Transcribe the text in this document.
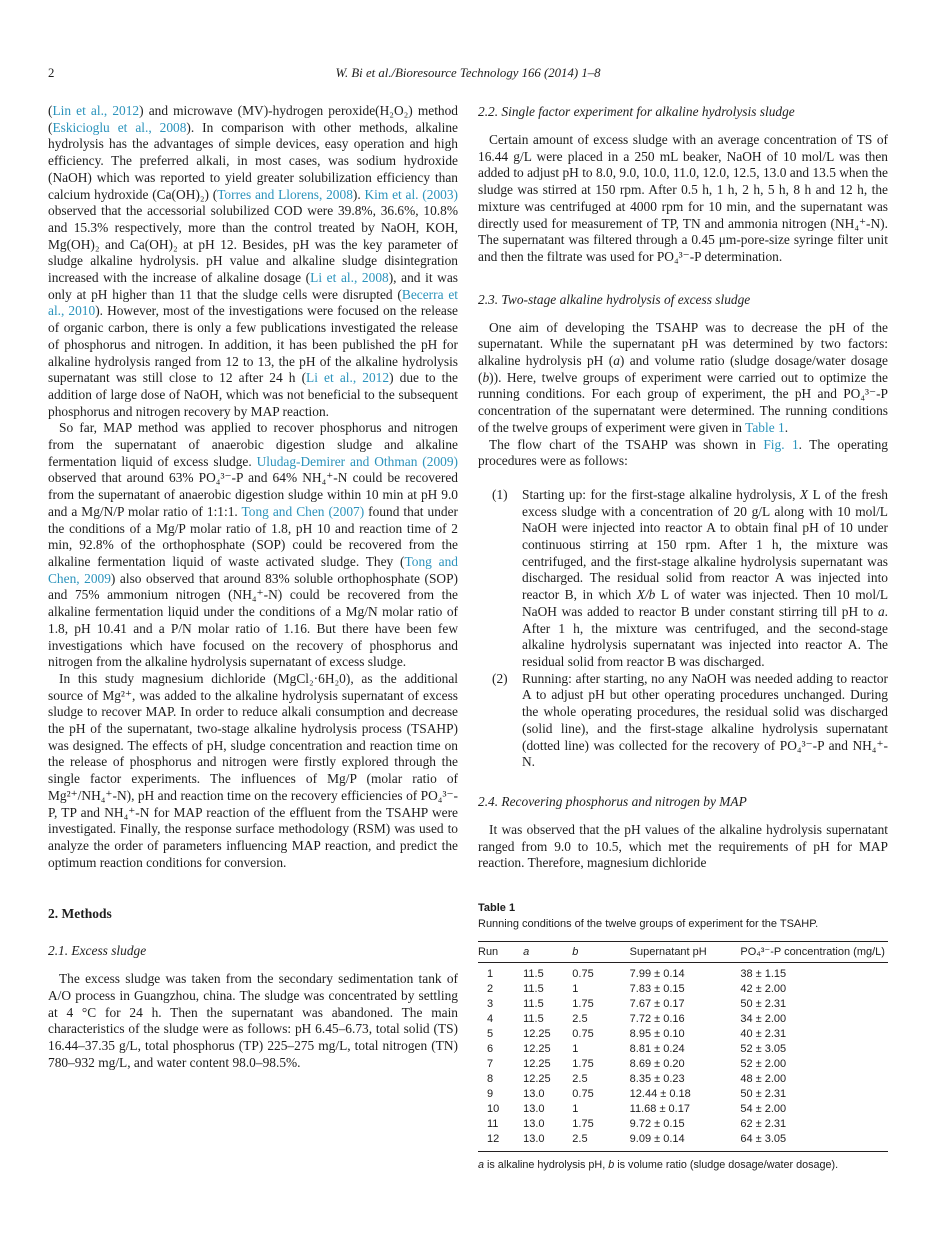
2	W. Bi et al./Bioresource Technology 166 (2014) 1–8

(Lin et al., 2012) and microwave (MV)-hydrogen peroxide(H₂O₂) method (Eskicioglu et al., 2008). In comparison with other methods, alkaline hydrolysis has the advantages of simple devices, easy operation and high efficiency. The preferred alkali, in most cases, was sodium hydroxide (NaOH) which was reported to yield greater solubilization efficiency than calcium hydroxide (Ca(OH)₂) (Torres and Llorens, 2008). Kim et al. (2003) observed that the accessorial solubilized COD were 39.8%, 36.6%, 10.8% and 15.3% respectively, more than the control treated by NaOH, KOH, Mg(OH)₂ and Ca(OH)₂ at pH 12. Besides, pH was the key parameter of sludge alkaline hydrolysis. pH value and alkaline sludge disintegration increased with the increase of alkaline dosage (Li et al., 2008), and it was only at pH higher than 11 that the sludge cells were disrupted (Becerra et al., 2010). However, most of the investigations were focused on the release of organic carbon, there is only a few publications investigated the release of phosphorus and nitrogen. In addition, it has been published the pH for alkaline hydrolysis ranged from 12 to 13, the pH of the alkaline hydrolysis supernatant was still close to 12 after 24 h (Li et al., 2012) due to the addition of large dose of NaOH, which was not beneficial to the subsequent phosphorus and nitrogen recovery by MAP reaction.

So far, MAP method was applied to recover phosphorus and nitrogen from the supernatant of anaerobic digestion sludge and alkaline fermentation liquid of excess sludge. Uludag-Demirer and Othman (2009) observed that around 63% PO₄³⁻-P and 64% NH₄⁺-N could be recovered from the supernatant of anaerobic digestion sludge within 10 min at pH 9.0 and a Mg/N/P molar ratio of 1:1:1. Tong and Chen (2007) found that under the conditions of a Mg/P molar ratio of 1.8, pH 10 and reaction time of 2 min, 92.8% of the orthophosphate (SOP) could be recovered from the alkaline fermentation liquid of waste activated sludge. They (Tong and Chen, 2009) also observed that around 83% soluble orthophosphate (SOP) and 75% ammonium nitrogen (NH₄⁺-N) could be recovered from the alkaline fermentation liquid under the conditions of a Mg/N molar ratio of 1.8, pH 10.41 and a P/N molar ratio of 1.16. But there have been few investigations which have focused on the recovery of phosphorus and nitrogen from the alkaline hydrolysis supernatant of excess sludge.

In this study magnesium dichloride (MgCl₂·6H₂0), as the additional source of Mg²⁺, was added to the alkaline hydrolysis supernatant of excess sludge to recover MAP. In order to reduce alkali consumption and decrease the pH of the supernatant, two-stage alkaline hydrolysis process (TSAHP) was designed. The effects of pH, sludge concentration and reaction time on the release of phosphorus and nitrogen were firstly explored through the single factor experiments. The influences of Mg/P (molar ratio of Mg²⁺/NH₄⁺-N), pH and reaction time on the recovery efficiencies of PO₄³⁻-P, TP and NH₄⁺-N for MAP reaction of the effluent from the TSAHP were investigated. Finally, the response surface methodology (RSM) was used to analyze the order of parameters influencing MAP reaction, and predict the optimum reaction conditions for conversion.

2. Methods
2.1. Excess sludge

The excess sludge was taken from the secondary sedimentation tank of A/O process in Guangzhou, china. The sludge was concentrated by settling at 4 °C for 24 h. Then the supernatant was abandoned. The main characteristics of the sludge were as follows: pH 6.45–6.73, total solid (TS) 16.44–37.35 g/L, total phosphorus (TP) 225–275 mg/L, total nitrogen (TN) 780–932 mg/L, and water content 98.0–98.5%.

2.2. Single factor experiment for alkaline hydrolysis sludge

Certain amount of excess sludge with an average concentration of TS of 16.44 g/L were placed in a 250 mL beaker, NaOH of 10 mol/L was then added to adjust pH to 8.0, 9.0, 10.0, 11.0, 12.0, 12.5, 13.0 and 13.5 when the sludge was stirred at 150 rpm. After 0.5 h, 1 h, 2 h, 5 h, 8 h and 12 h, the mixture was centrifuged at 4000 rpm for 10 min, and the supernatant was directly used for measurement of TP, TN and ammonia nitrogen (NH₄⁺-N). The supernatant was filtered through a 0.45 μm-pore-size syringe filter unit and then the filtrate was used for PO₄³⁻-P determination.

2.3. Two-stage alkaline hydrolysis of excess sludge

One aim of developing the TSAHP was to decrease the pH of the supernatant. While the supernatant pH was determined by two factors: alkaline hydrolysis pH (a) and volume ratio (sludge dosage/water dosage (b)). Here, twelve groups of experiment were carried out to optimize the running conditions. For each group of experiment, the pH and PO₄³⁻-P concentration of the supernatant were determined. The running conditions of the twelve groups of experiment were given in Table 1.

The flow chart of the TSAHP was shown in Fig. 1. The operating procedures were as follows:

(1)	Starting up: for the first-stage alkaline hydrolysis, X L of the fresh excess sludge with a concentration of 20 g/L along with 10 mol/L NaOH were injected into reactor A to obtain final pH of 10 under continuous stirring at 150 rpm. After 1 h, the mixture was centrifuged, and the first-stage alkaline hydrolysis supernatant was discharged. The residual solid from reactor A was injected into reactor B, in which X/b L of water was injected. Then 10 mol/L NaOH was added to reactor B under constant stirring till pH to a. After 1 h, the mixture was centrifuged, and the second-stage alkaline hydrolysis supernatant was injected into reactor A. The residual solid from reactor B was discharged.
(2)	Running: after starting, no any NaOH was needed adding to reactor A to adjust pH but other operating procedures unchanged. During the whole operating procedures, the residual solid was discharged (solid line), and the first-stage alkaline hydrolysis supernatant (dotted line) was collected for the recovery of PO₄³⁻-P and NH₄⁺-N.
2.4. Recovering phosphorus and nitrogen by MAP

It was observed that the pH values of the alkaline hydrolysis supernatant ranged from 9.0 to 10.5, which met the requirements of pH for MAP reaction. Therefore, magnesium dichloride

Table 1
Running conditions of the twelve groups of experiment for the TSAHP.
Run	a	b	Supernatant pH	PO₄³⁻-P concentration (mg/L)
1	11.5	0.75	7.99 ± 0.14	38 ± 1.15
2	11.5	1	7.83 ± 0.15	42 ± 2.00
3	11.5	1.75	7.67 ± 0.17	50 ± 2.31
4	11.5	2.5	7.72 ± 0.16	34 ± 2.00
5	12.25	0.75	8.95 ± 0.10	40 ± 2.31
6	12.25	1	8.81 ± 0.24	52 ± 3.05
7	12.25	1.75	8.69 ± 0.20	52 ± 2.00
8	12.25	2.5	8.35 ± 0.23	48 ± 2.00
9	13.0	0.75	12.44 ± 0.18	50 ± 2.31
10	13.0	1	11.68 ± 0.17	54 ± 2.00
11	13.0	1.75	9.72 ± 0.15	62 ± 2.31
12	13.0	2.5	9.09 ± 0.14	64 ± 3.05
a is alkaline hydrolysis pH, b is volume ratio (sludge dosage/water dosage).
